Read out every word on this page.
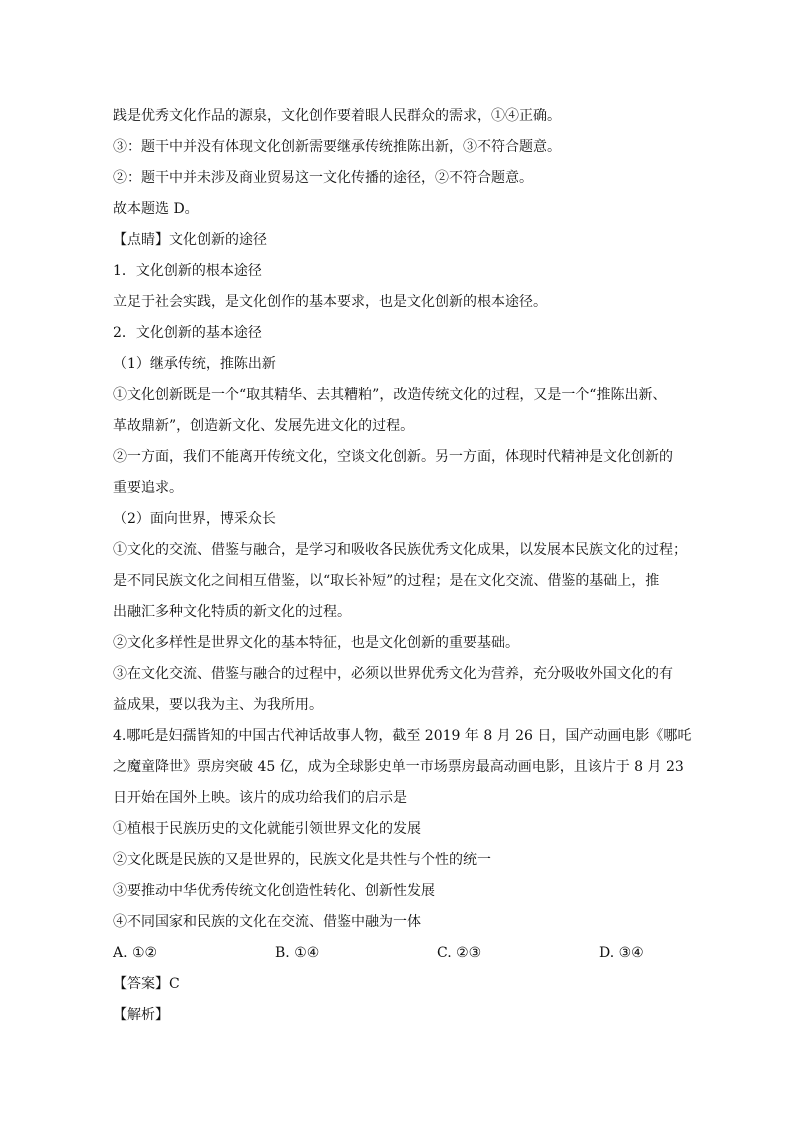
践是优秀文化作品的源泉，文化创作要着眼人民群众的需求，①④正确。
③：题干中并没有体现文化创新需要继承传统推陈出新，③不符合题意。
②：题干中并未涉及商业贸易这一文化传播的途径，②不符合题意。
故本题选 D。
【点睛】文化创新的途径
1．文化创新的根本途径
立足于社会实践，是文化创作的基本要求，也是文化创新的根本途径。
2．文化创新的基本途径
（1）继承传统，推陈出新
①文化创新既是一个“取其精华、去其糟粕”，改造传统文化的过程，又是一个“推陈出新、
革故鼎新”，创造新文化、发展先进文化的过程。
②一方面，我们不能离开传统文化，空谈文化创新。另一方面，体现时代精神是文化创新的
重要追求。
（2）面向世界，博采众长
①文化的交流、借鉴与融合，是学习和吸收各民族优秀文化成果，以发展本民族文化的过程；
是不同民族文化之间相互借鉴，以“取长补短”的过程；是在文化交流、借鉴的基础上，推
出融汇多种文化特质的新文化的过程。
②文化多样性是世界文化的基本特征，也是文化创新的重要基础。
③在文化交流、借鉴与融合的过程中，必须以世界优秀文化为营养，充分吸收外国文化的有
益成果，要以我为主、为我所用。
4.哪吒是妇孺皆知的中国古代神话故事人物，截至 2019 年 8 月 26 日，国产动画电影《哪吒
之魔童降世》票房突破 45 亿，成为全球影史单一市场票房最高动画电影，且该片于 8 月 23
日开始在国外上映。该片的成功给我们的启示是
①植根于民族历史的文化就能引领世界文化的发展
②文化既是民族的又是世界的，民族文化是共性与个性的统一
③要推动中华优秀传统文化创造性转化、创新性发展
④不同国家和民族的文化在交流、借鉴中融为一体
A. ①②	B. ①④	C. ②③	D. ③④
【答案】C
【解析】
